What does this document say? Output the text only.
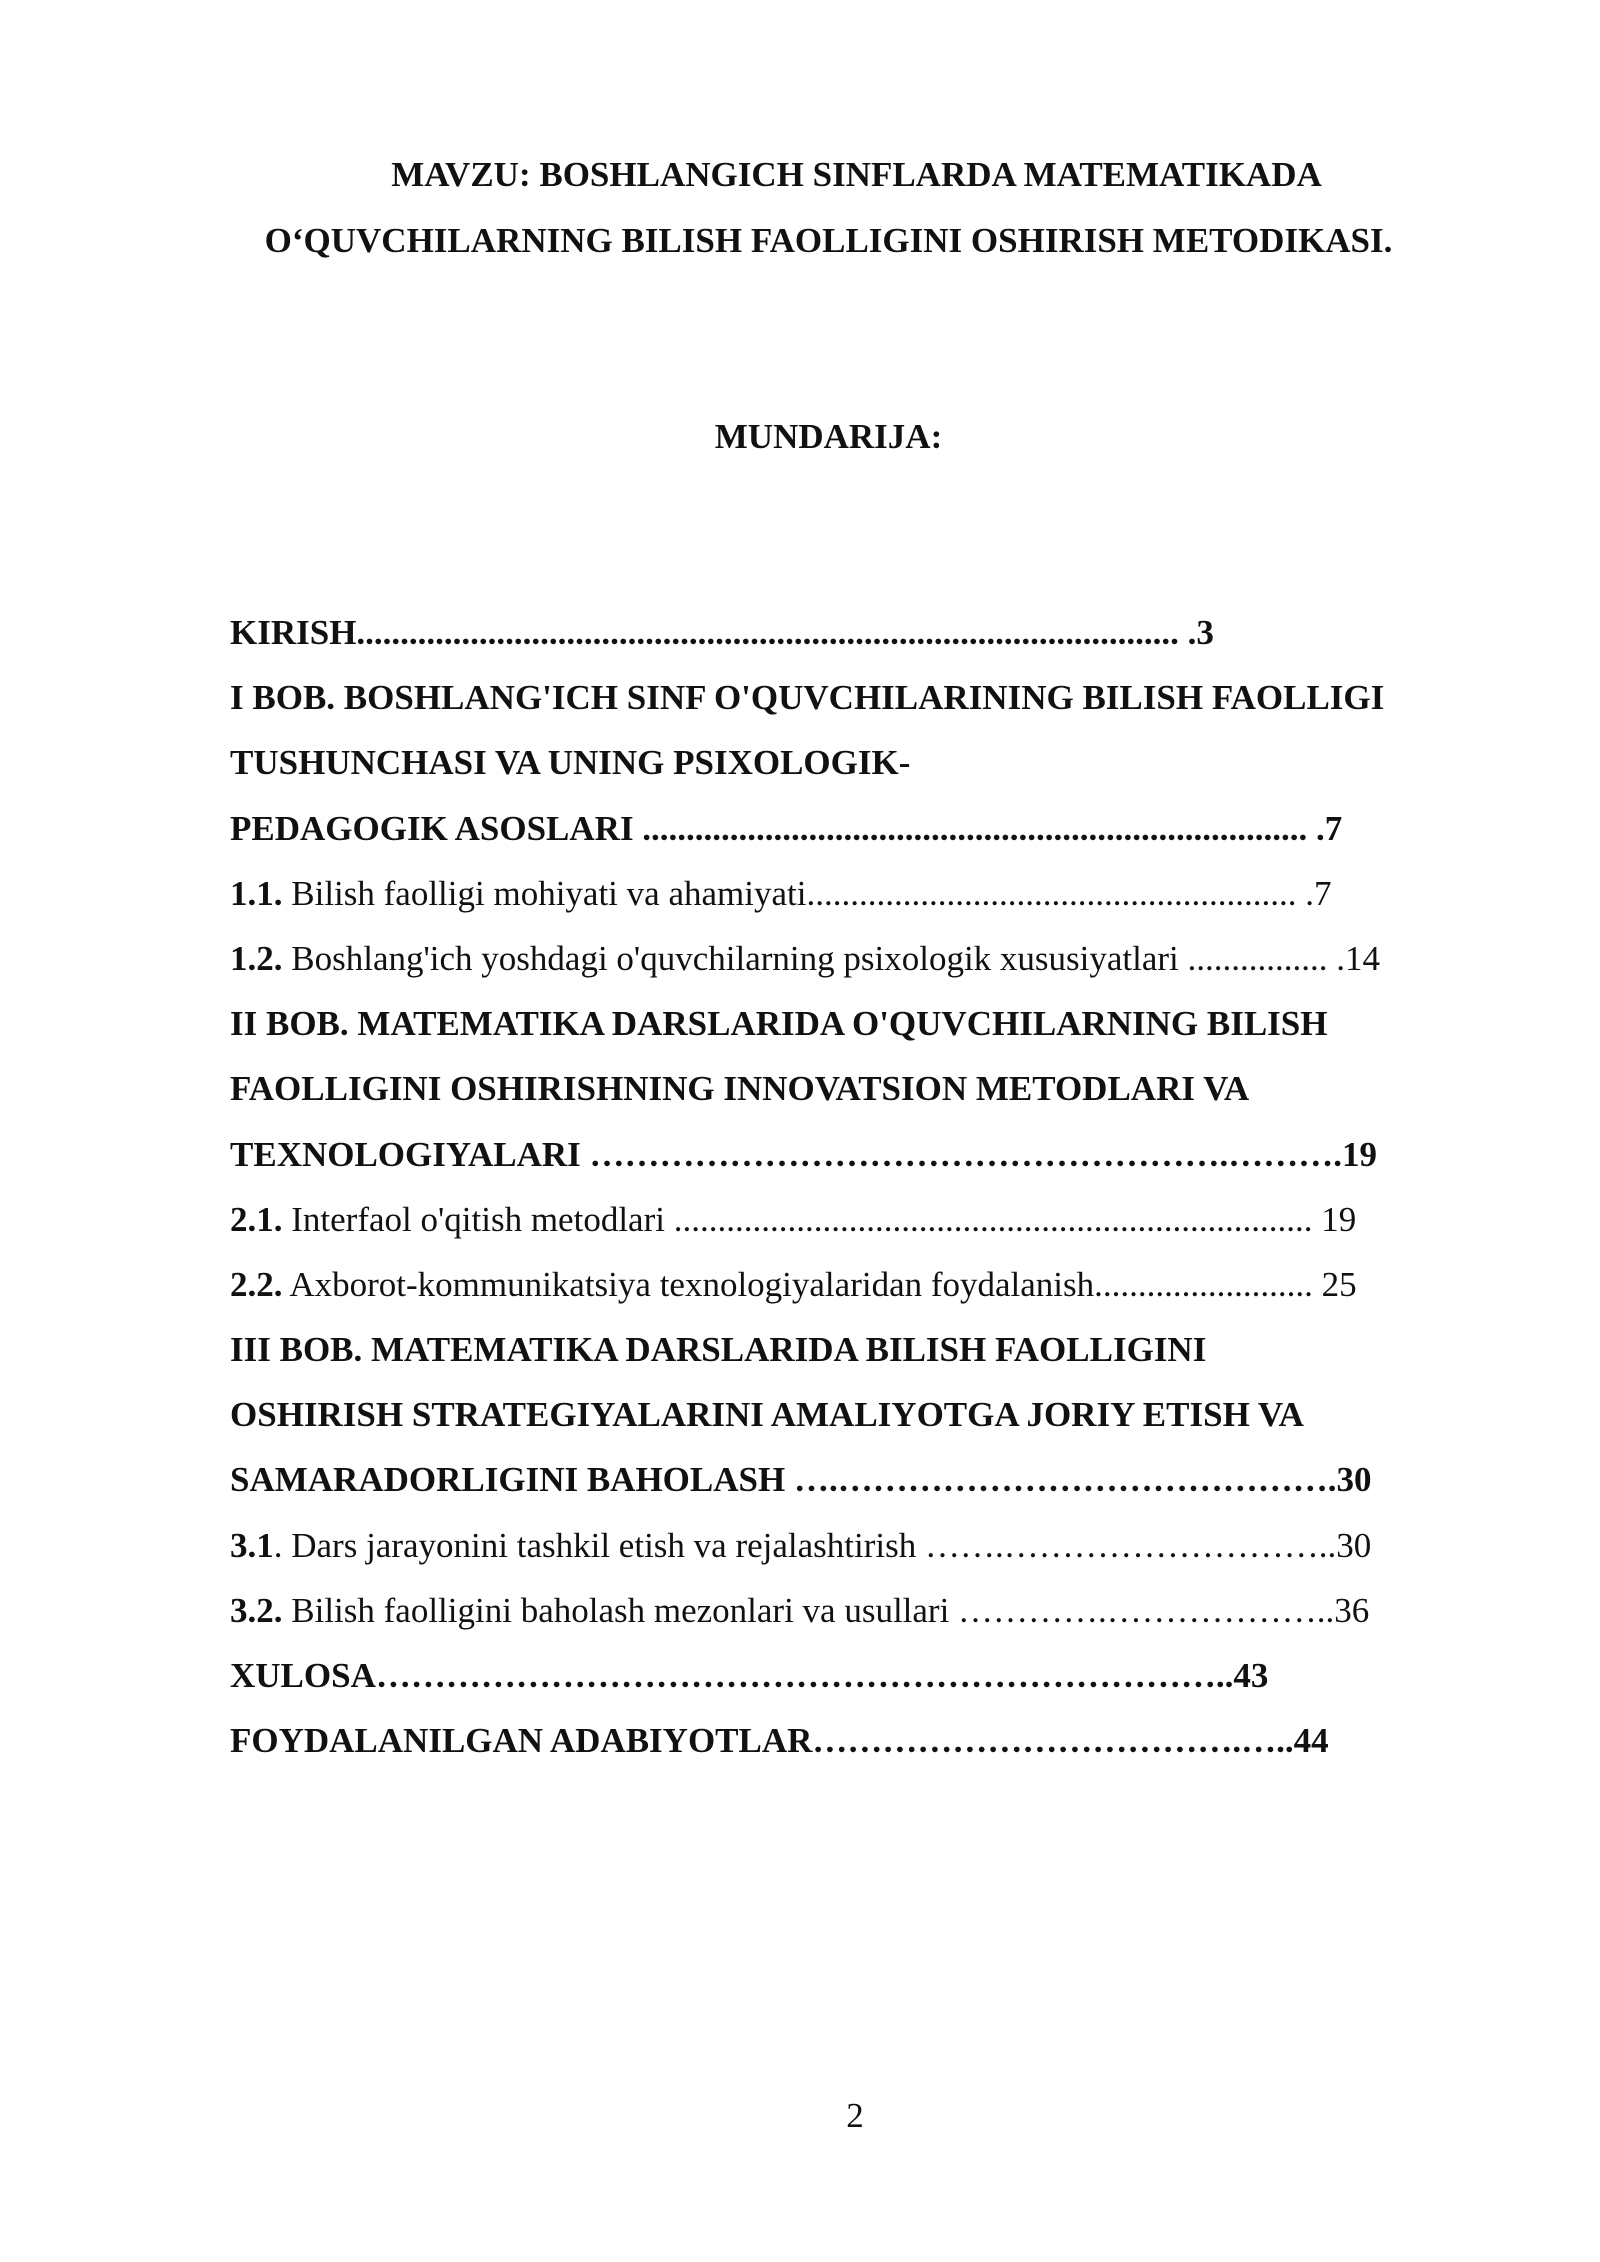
MAVZU: BOSHLANGICH SINFLARDA MATEMATIKADA
O‘QUVCHILARNING BILISH FAOLLIGINI OSHIRISH METODIKASI.
MUNDARIJA:
KIRISH.............................................................................................. .3
I BOB. BOSHLANG'ICH SINF O'QUVCHILARINING BILISH FAOLLIGI
TUSHUNCHASI VA UNING PSIXOLOGIK-
PEDAGOGIK ASOSLARI ............................................................................ .7
1.1. Bilish faolligi mohiyati va ahamiyati........................................................ .7
1.2. Boshlang'ich yoshdagi o'quvchilarning psixologik xususiyatlari ................ .14
II BOB. MATEMATIKA DARSLARIDA O'QUVCHILARNING BILISH
FAOLLIGINI OSHIRISHNING INNOVATSION METODLARI VA
TEXNOLOGIYALARI ……………………………………………….……….19
2.1. Interfaol o'qitish metodlari ......................................................................... 19
2.2. Axborot-kommunikatsiya texnologiyalaridan foydalanish......................... 25
III BOB. MATEMATIKA DARSLARIDA BILISH FAOLLIGINI
OSHIRISH STRATEGIYALARINI AMALIYOTGA JORIY ETISH VA
SAMARADORLIGINI BAHOLASH ….…………………………………….30
3.1. Dars jarayonini tashkil etish va rejalashtirish …….………………………..30
3.2. Bilish faolligini baholash mezonlari va usullari ………….………………..36
XULOSA………………………………………………………………..43
FOYDALANILGAN ADABIYOTLAR……………………………….…..44
2
